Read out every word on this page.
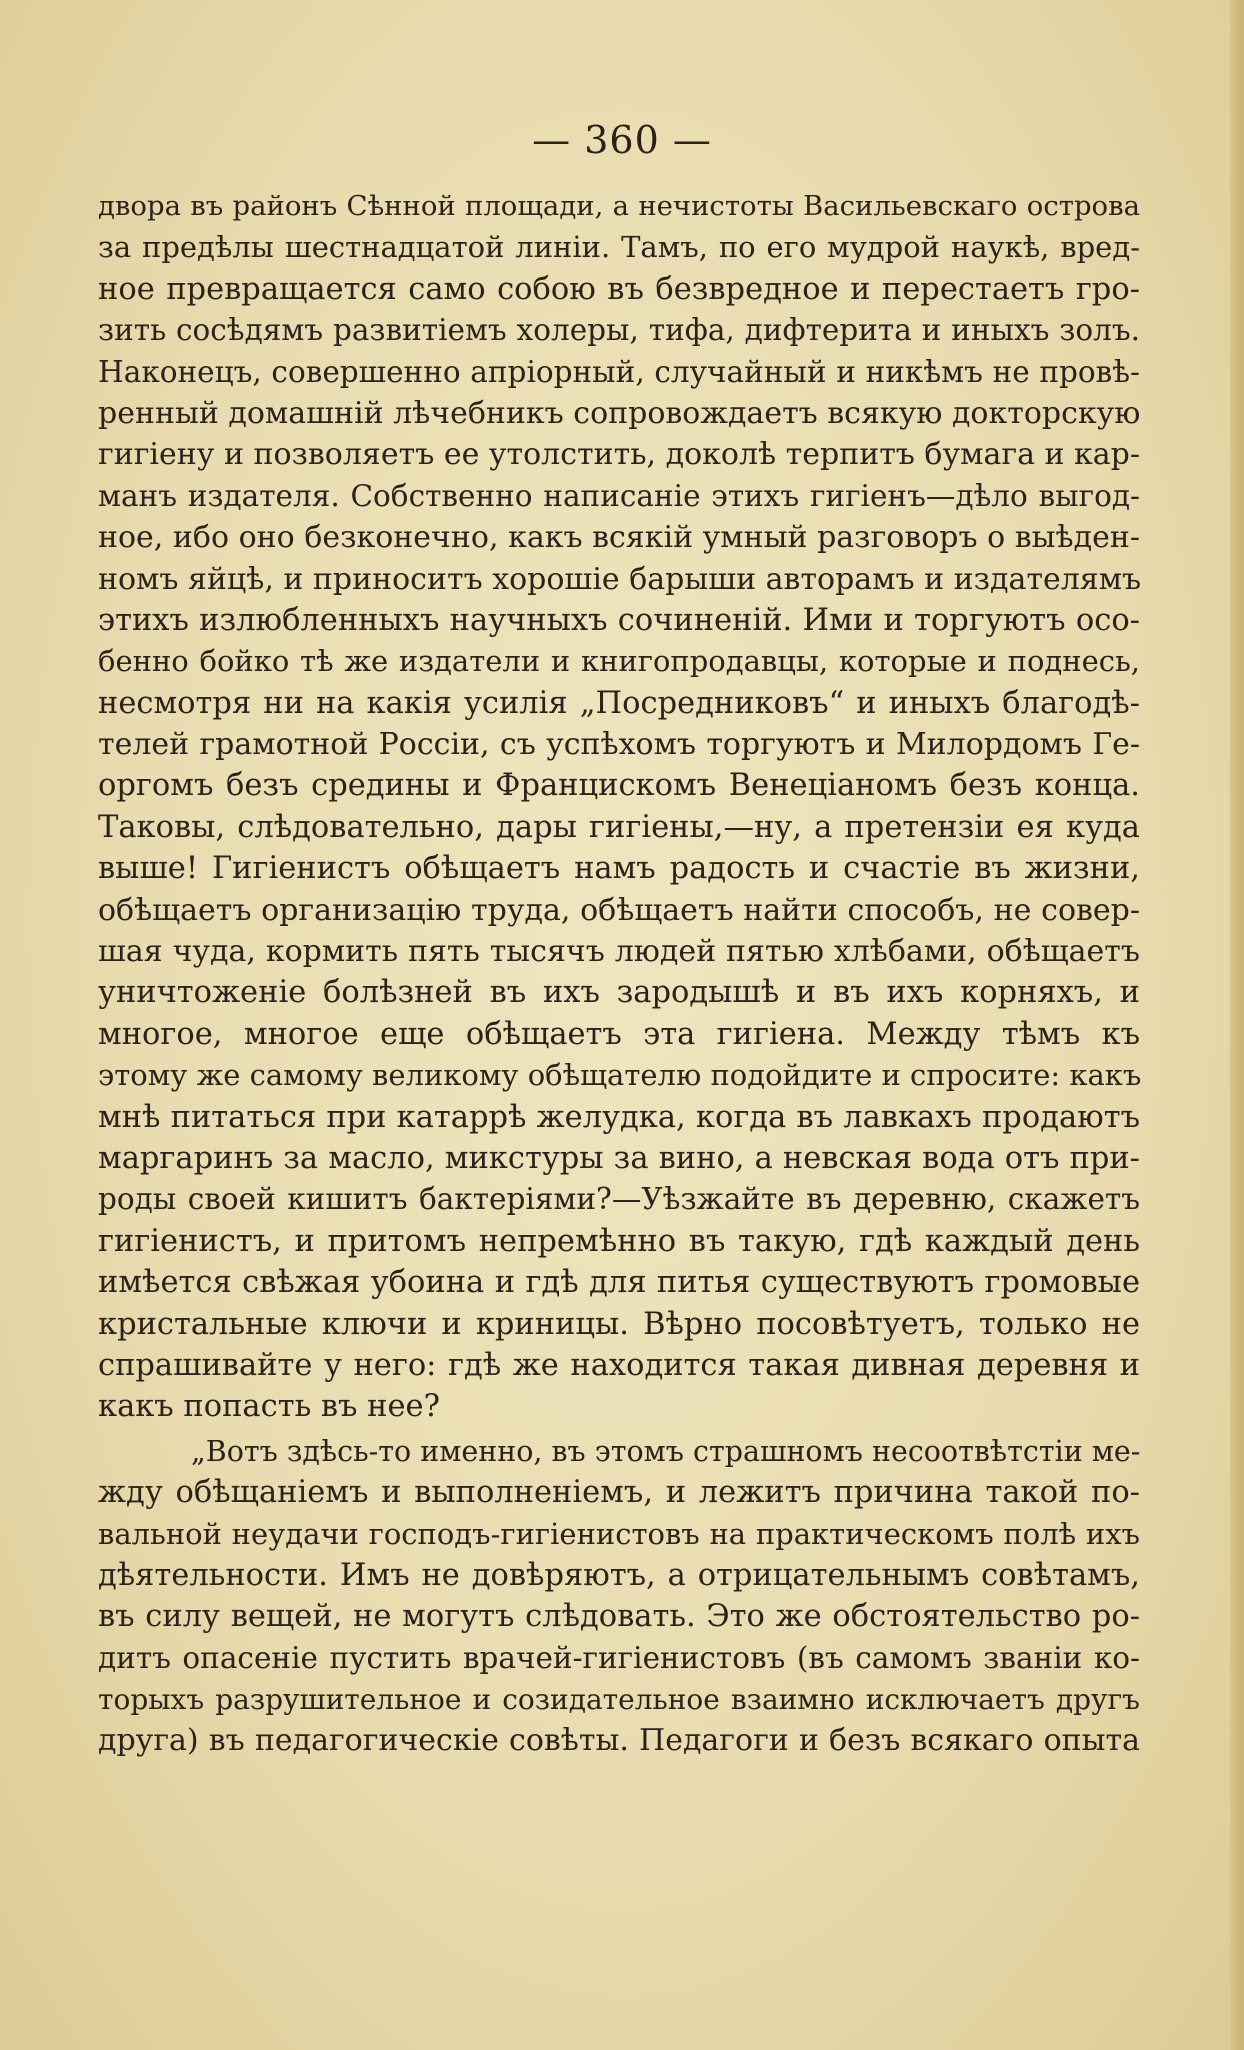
— 360 —
двора въ районъ Сѣнной площади, а нечистоты Васильевскаго острова
за предѣлы шестнадцатой линіи. Тамъ, по его мудрой наукѣ, вред-
ное превращается само собою въ безвредное и перестаетъ гро-
зить сосѣдямъ развитіемъ холеры, тифа, дифтерита и иныхъ золъ.
Наконецъ, совершенно апріорный, случайный и никѣмъ не провѣ-
ренный домашній лѣчебникъ сопровождаетъ всякую докторскую
гигіену и позволяетъ ее утолстить, доколѣ терпитъ бумага и кар-
манъ издателя. Собственно написаніе этихъ гигіенъ—дѣло выгод-
ное, ибо оно безконечно, какъ всякій умный разговоръ о выѣден-
номъ яйцѣ, и приноситъ хорошіе барыши авторамъ и издателямъ
этихъ излюбленныхъ научныхъ сочиненій. Ими и торгуютъ осо-
бенно бойко тѣ же издатели и книгопродавцы, которые и поднесь,
несмотря ни на какія усилія „Посредниковъ“ и иныхъ благодѣ-
телей грамотной Россіи, съ успѣхомъ торгуютъ и Милордомъ Ге-
оргомъ безъ средины и Францискомъ Венеціаномъ безъ конца.
Таковы, слѣдовательно, дары гигіены,—ну, а претензіи ея куда
выше! Гигіенистъ обѣщаетъ намъ радость и счастіе въ жизни,
обѣщаетъ организацію труда, обѣщаетъ найти способъ, не совер-
шая чуда, кормить пять тысячъ людей пятью хлѣбами, обѣщаетъ
уничтоженіе болѣзней въ ихъ зародышѣ и въ ихъ корняхъ, и
многое, многое еще обѣщаетъ эта гигіена. Между тѣмъ къ
этому же самому великому обѣщателю подойдите и спросите: какъ
мнѣ питаться при катаррѣ желудка, когда въ лавкахъ продаютъ
маргаринъ за масло, микстуры за вино, а невская вода отъ при-
роды своей кишитъ бактеріями?—Уѣзжайте въ деревню, скажетъ
гигіенистъ, и притомъ непремѣнно въ такую, гдѣ каждый день
имѣется свѣжая убоина и гдѣ для питья существуютъ громовые
кристальные ключи и криницы. Вѣрно посовѣтуетъ, только не
спрашивайте у него: гдѣ же находится такая дивная деревня и
какъ попасть въ нее?
„Вотъ здѣсь-то именно, въ этомъ страшномъ несоотвѣтстіи ме-
жду обѣщаніемъ и выполненіемъ, и лежитъ причина такой по-
вальной неудачи господъ-гигіенистовъ на практическомъ полѣ ихъ
дѣятельности. Имъ не довѣряютъ, а отрицательнымъ совѣтамъ,
въ силу вещей, не могутъ слѣдовать. Это же обстоятельство ро-
дитъ опасеніе пустить врачей-гигіенистовъ (въ самомъ званіи ко-
торыхъ разрушительное и созидательное взаимно исключаетъ другъ
друга) въ педагогическіе совѣты. Педагоги и безъ всякаго опыта
